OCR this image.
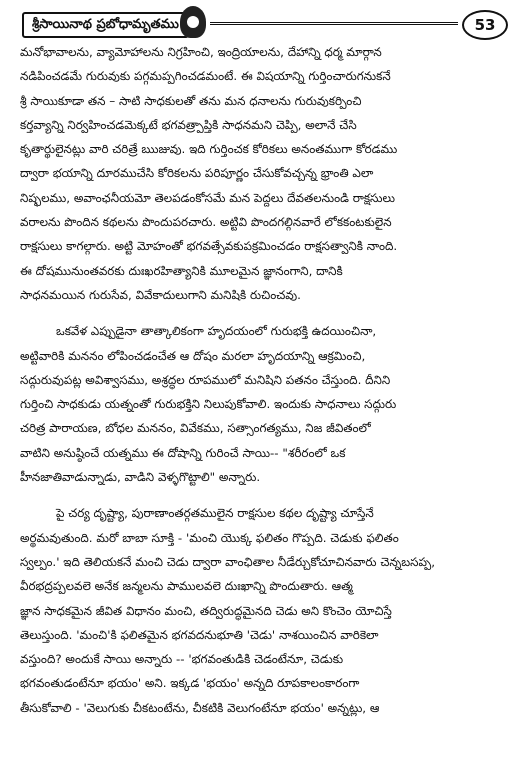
శ్రీసాయినాథ ప్రబోధామృతము	53
మనోభావాలను, వ్యామోహాలను నిగ్రహించి, ఇంద్రియాలను, దేహాన్ని ధర్మ మార్గాన
నడిపించడమే గురువుకు పగ్గమప్పగించడమంటే. ఈ విషయాన్ని గుర్తించారుగనుకనే
శ్రీ సాయికూడా తన – సాటి సాధకులతో తను మన ధనాలను గురువుకర్పించి
కర్తవ్యాన్ని నిర్వహించడమెక్కటే భగవత్ర్పాప్తికి సాధనమని చెప్పి, అలానే చేసి
కృతార్థులైనట్లు వారి చరిత్రే ఋజువు. ఇది గుర్తించక కోరికలు అనంతముగా కోరడము
ద్వారా భయాన్ని దూరముచేసి కోరికలను పరిపూర్ణం చేసుకోవచ్చన్న భ్రాంతి ఎలా
నిష్ఫలము, అవాంఛనీయమో తెలపడంకోసమే మన పెద్దలు దేవతలనుండి రాక్షసులు
వరాలను పొందిన కథలను పొందుపరచారు. అట్టివి పొందగల్గినవారే లోకకంటకులైన
రాక్షసులు కాగల్గారు. అట్టి మోహంతో భగవత్సేవకుపక్రమించడం రాక్షసత్వానికి నాంది.
ఈ దోషమునుంతవరకు దుఃఖరహిత్యానికి మూలమైన జ్ఞానంగాని, దానికి
సాధనమయిన గురుసేవ, వివేకాదులుగాని మనిషికి రుచించవు.
ఒకవేళ ఎప్పుడైనా తాత్కాలికంగా హృదయంలో గురుభక్తి ఉదయించినా,
అట్టివారికి మననం లోపించడంచేత ఆ దోషం మరలా హృదయాన్ని ఆక్రమించి,
సద్గురువుపట్ల అవిశ్వాసము, అశ్రద్ధల రూపములో మనిషిని పతనం చేస్తుంది. దీనిని
గుర్తించి సాధకుడు యత్నంతో గురుభక్తిని నిలుపుకోవాలి. ఇందుకు సాధనాలు సద్గురు
చరిత్ర పారాయణ, బోధల మననం, వివేకము, సత్సాంగత్యము, నిజ జీవితంలో
వాటిని అనుష్ఠించే యత్నము ఈ దోషాన్ని గురించే సాయి-- "శరీరంలో ఒక
హీనజాతివాడున్నాడు, వాడిని వెళ్ళగొట్టాలి" అన్నారు.
పై చర్య దృష్ట్యా, పురాణాంతర్గతములైన రాక్షసుల కథల దృష్ట్యా చూస్తేనే
అర్థమవుతుంది. మరో బాబా సూక్తి - 'మంచి యొక్క ఫలితం గొప్పది. చెడుకు ఫలితం
స్వల్పం.' ఇది తెలియకనే మంచి చెడు ద్వారా వాంఛితాల నీడేర్చుకోచూచినవారు చెన్నబసప్ప,
వీరభద్రప్పలవలె అనేక జన్మలను పాములవలె దుఃఖాన్ని పొందుతారు. ఆత్మ
జ్ఞాన సాధకమైన జీవిత విధానం మంచి, తద్విరుద్ధమైనది చెడు అని కొంచెం యోచిస్తే
తెలుస్తుంది. 'మంచి'కి ఫలితమైన భగవదనుభూతి 'చెడు' నాశయించిన వారికెలా
వస్తుంది? అందుకే సాయి అన్నారు -- 'భగవంతుడికి చెడంటేనూ, చెడుకు
భగవంతుడంటేనూ భయం' అని. ఇక్కడ 'భయం' అన్నది రూపకాలంకారంగా
తీసుకోవాలి - 'వెలుగుకు చీకటంటేను, చీకటికి వెలుగంటేనూ భయం' అన్నట్లు, ఆ
